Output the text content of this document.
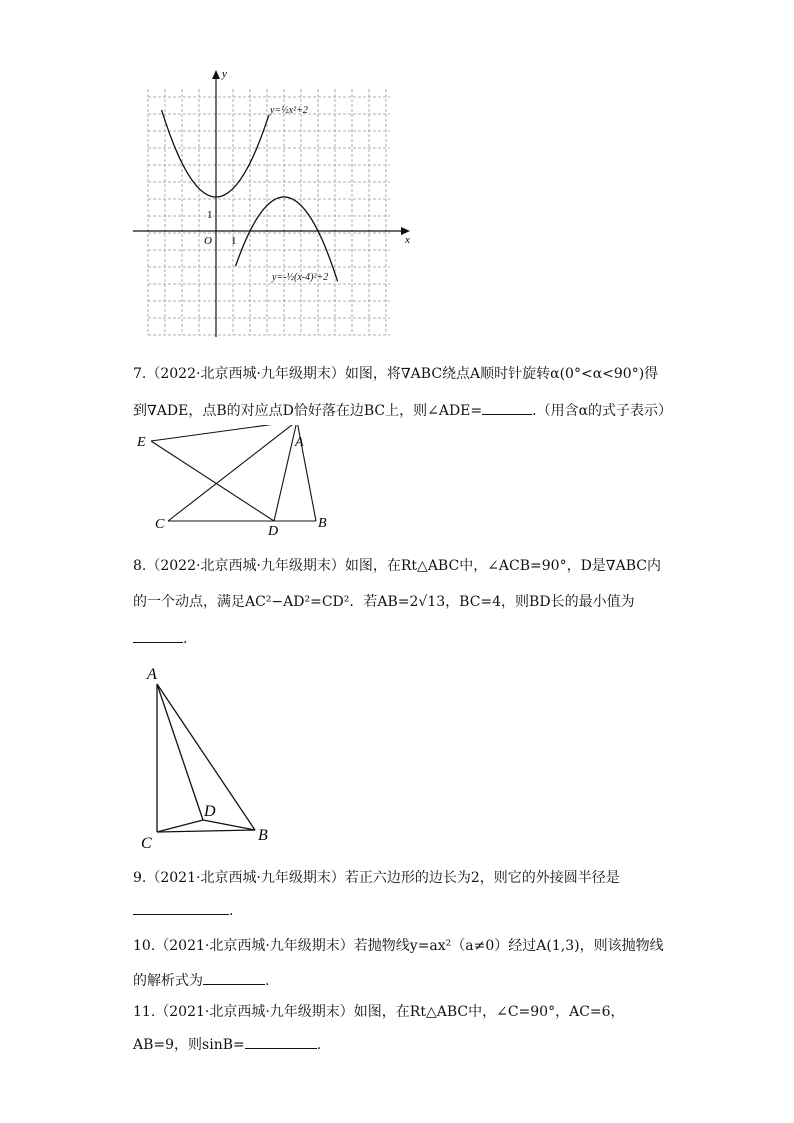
x
y
O 1
1
y=½x²+2
y=-½(x-4)²+2
7.（2022·北京西城·九年级期末）如图，将∇ABC绕点A顺时针旋转α(0°<α<90°)得
到∇ADE，点B的对应点D恰好落在边BC上，则∠ADE=	.（用含α的式子表示）
A
E
C	D
B
8.（2022·北京西城·九年级期末）如图，在Rt△ABC中，∠ACB=90°，D是∇ABC内
的一个动点，满足AC²−AD²=CD²．若AB=2√13，BC=4，则BD长的最小值为
.
A
D
B
C
9.（2021·北京西城·九年级期末）若正六边形的边长为2，则它的外接圆半径是
.
10.（2021·北京西城·九年级期末）若抛物线y=ax²（a≠0）经过A(1,3)，则该抛物线
的解析式为	.
11.（2021·北京西城·九年级期末）如图，在Rt△ABC中，∠C=90°，AC=6，
AB=9，则sinB=	.
